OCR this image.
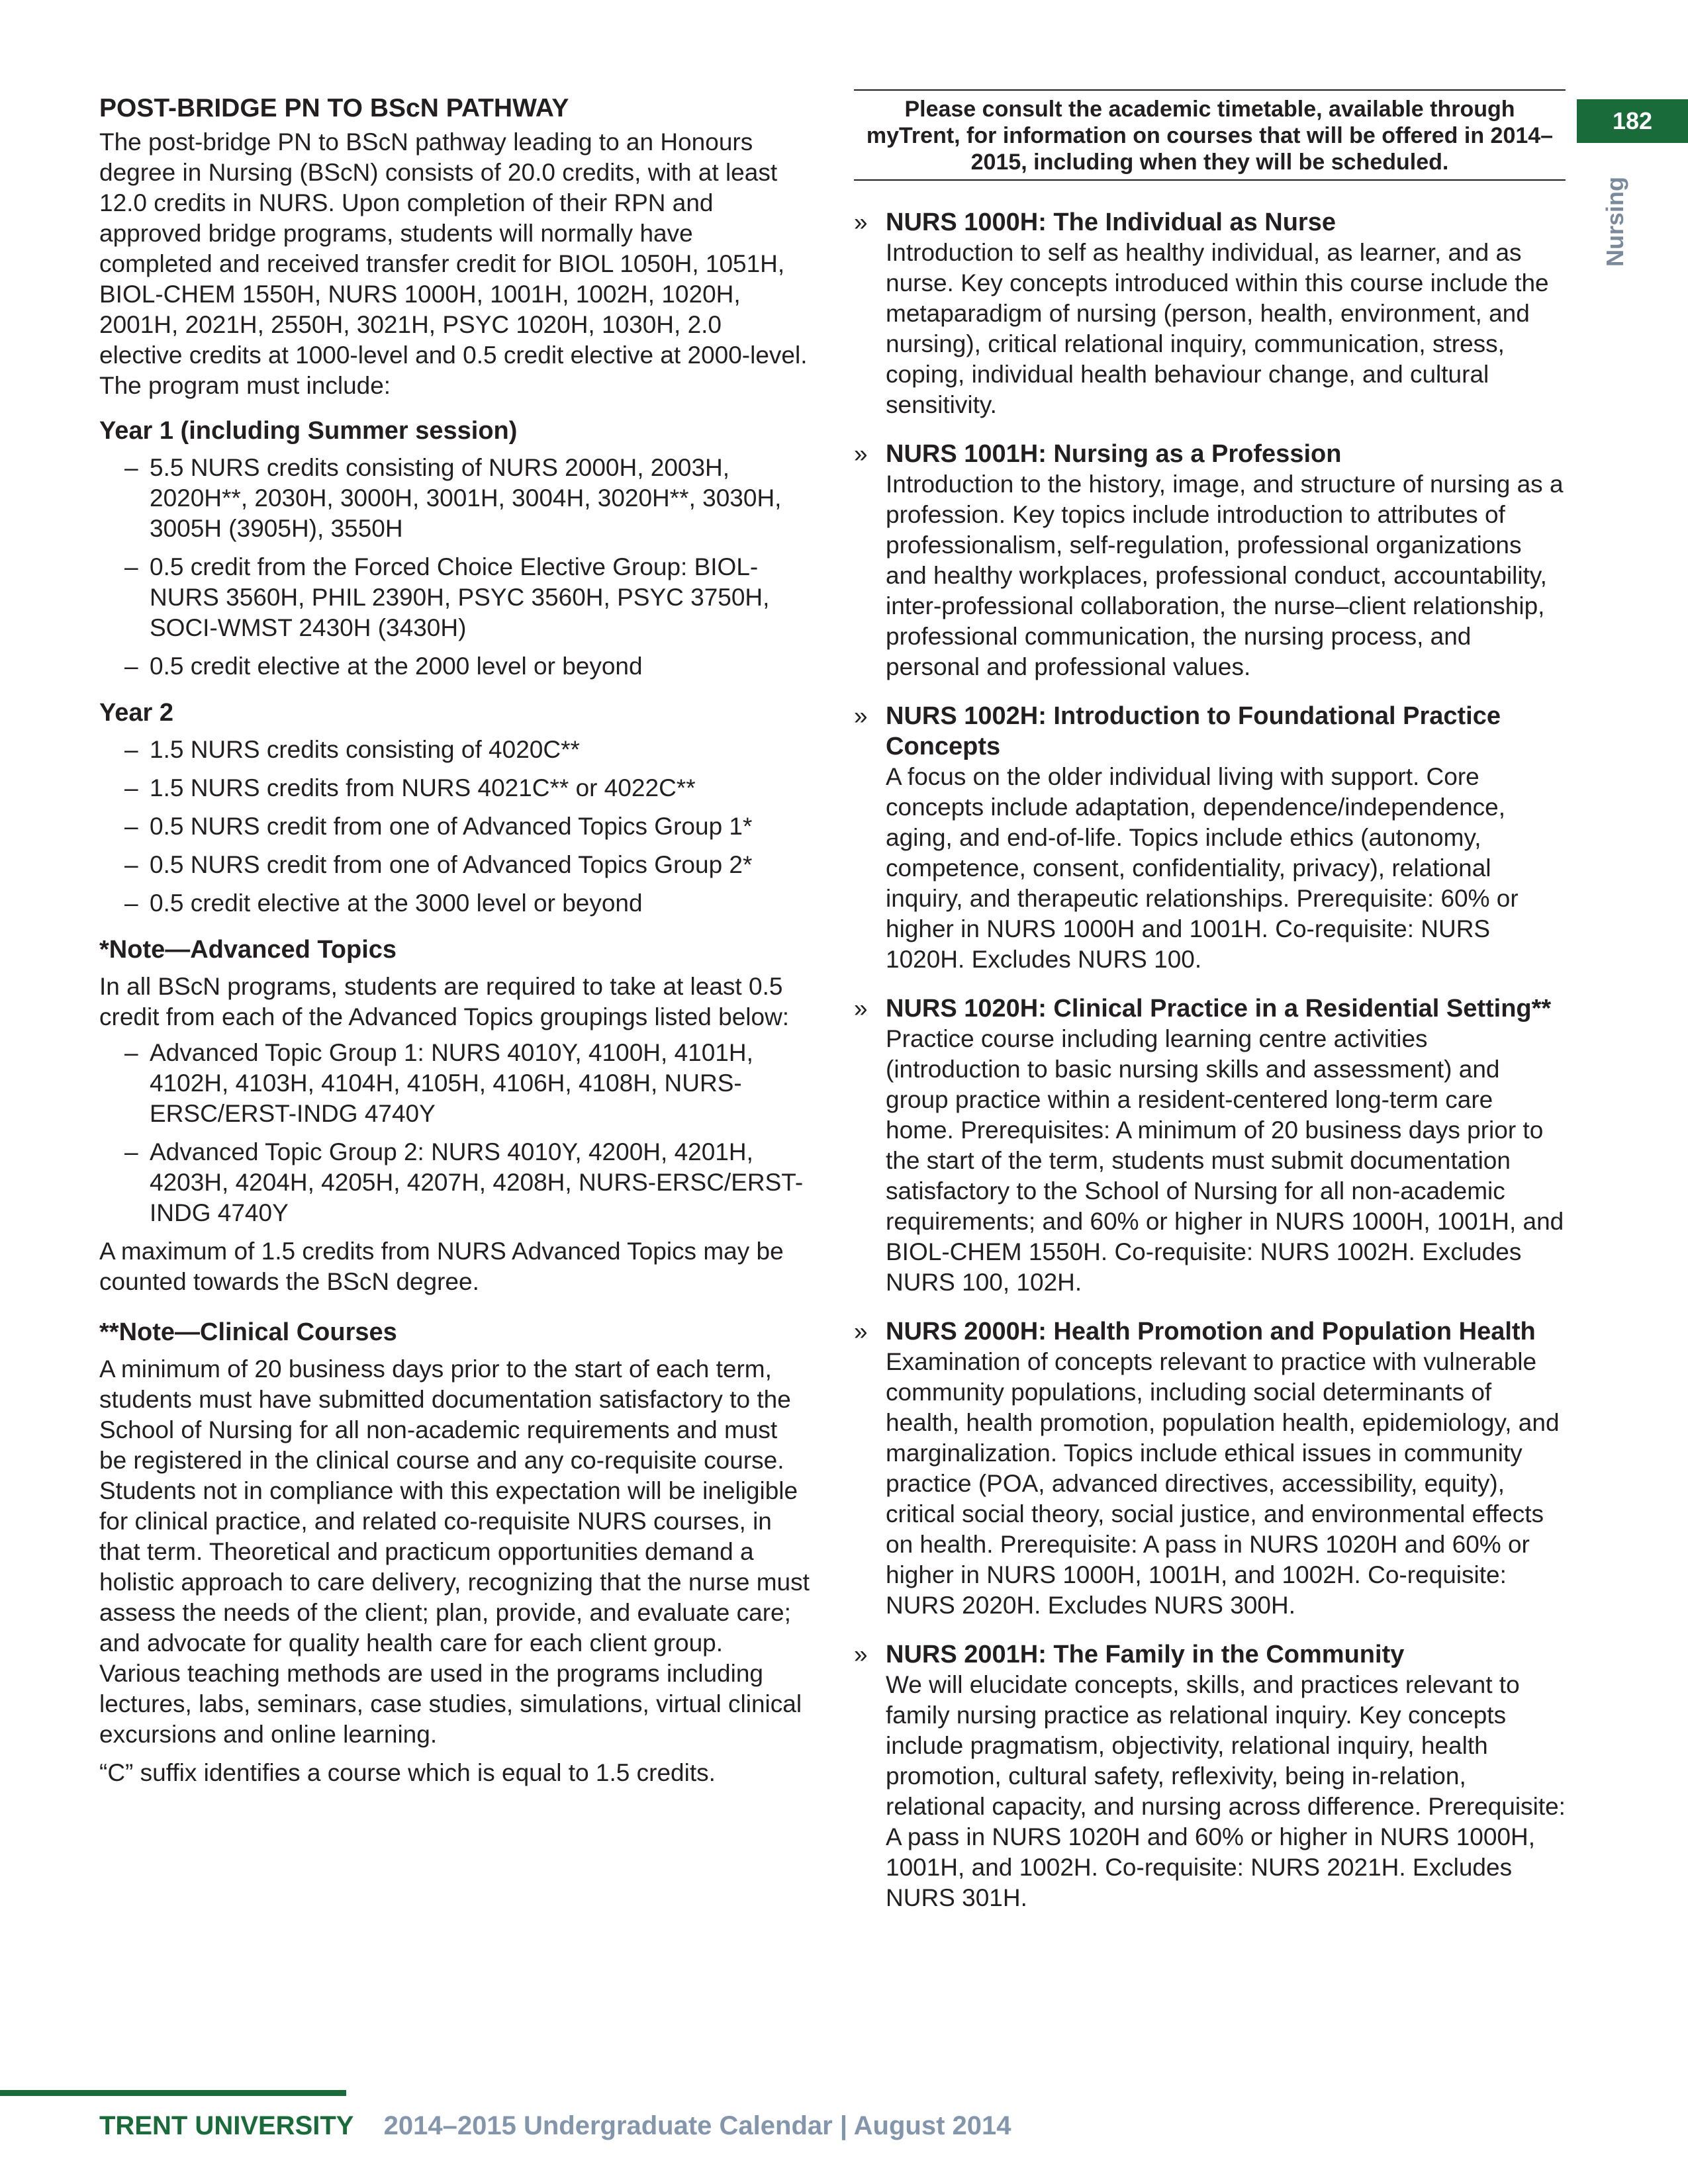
POST-BRIDGE PN TO BScN PATHWAY

The post-bridge PN to BScN pathway leading to an Honours degree in Nursing (BScN) consists of 20.0 credits, with at least 12.0 credits in NURS. Upon completion of their RPN and approved bridge programs, students will normally have completed and received transfer credit for BIOL 1050H, 1051H, BIOL-CHEM 1550H, NURS 1000H, 1001H, 1002H, 1020H, 2001H, 2021H, 2550H, 3021H, PSYC 1020H, 1030H, 2.0 elective credits at 1000-level and 0.5 credit elective at 2000-level. The program must include:

Year 1 (including Summer session)
– 5.5 NURS credits consisting of NURS 2000H, 2003H, 2020H**, 2030H, 3000H, 3001H, 3004H, 3020H**, 3030H, 3005H (3905H), 3550H
– 0.5 credit from the Forced Choice Elective Group: BIOL-NURS 3560H, PHIL 2390H, PSYC 3560H, PSYC 3750H, SOCI-WMST 2430H (3430H)
– 0.5 credit elective at the 2000 level or beyond
Year 2
– 1.5 NURS credits consisting of 4020C**
– 1.5 NURS credits from NURS 4021C** or 4022C**
– 0.5 NURS credit from one of Advanced Topics Group 1*
– 0.5 NURS credit from one of Advanced Topics Group 2*
– 0.5 credit elective at the 3000 level or beyond
*Note—Advanced Topics

In all BScN programs, students are required to take at least 0.5 credit from each of the Advanced Topics groupings listed below:

– Advanced Topic Group 1: NURS 4010Y, 4100H, 4101H, 4102H, 4103H, 4104H, 4105H, 4106H, 4108H, NURS-ERSC/ERST-INDG 4740Y
– Advanced Topic Group 2: NURS 4010Y, 4200H, 4201H, 4203H, 4204H, 4205H, 4207H, 4208H, NURS-ERSC/ERST-INDG 4740Y

A maximum of 1.5 credits from NURS Advanced Topics may be counted towards the BScN degree.

**Note—Clinical Courses

A minimum of 20 business days prior to the start of each term, students must have submitted documentation satisfactory to the School of Nursing for all non-academic requirements and must be registered in the clinical course and any co-requisite course. Students not in compliance with this expectation will be ineligible for clinical practice, and related co-requisite NURS courses, in that term. Theoretical and practicum opportunities demand a holistic approach to care delivery, recognizing that the nurse must assess the needs of the client; plan, provide, and evaluate care; and advocate for quality health care for each client group. Various teaching methods are used in the programs including lectures, labs, seminars, case studies, simulations, virtual clinical excursions and online learning.

“C” suffix identifies a course which is equal to 1.5 credits.

Please consult the academic timetable, available through myTrent, for information on courses that will be offered in 2014–2015, including when they will be scheduled.
» NURS 1000H: The Individual as Nurse
Introduction to self as healthy individual, as learner, and as nurse. Key concepts introduced within this course include the metaparadigm of nursing (person, health, environment, and nursing), critical relational inquiry, communication, stress, coping, individual health behaviour change, and cultural sensitivity.
» NURS 1001H: Nursing as a Profession
Introduction to the history, image, and structure of nursing as a profession. Key topics include introduction to attributes of professionalism, self-regulation, professional organizations and healthy workplaces, professional conduct, accountability, inter-professional collaboration, the nurse–client relationship, professional communication, the nursing process, and personal and professional values.
» NURS 1002H: Introduction to Foundational Practice Concepts
A focus on the older individual living with support. Core concepts include adaptation, dependence/independence, aging, and end-of-life. Topics include ethics (autonomy, competence, consent, confidentiality, privacy), relational inquiry, and therapeutic relationships. Prerequisite: 60% or higher in NURS 1000H and 1001H. Co-requisite: NURS 1020H. Excludes NURS 100.
» NURS 1020H: Clinical Practice in a Residential Setting**
Practice course including learning centre activities (introduction to basic nursing skills and assessment) and group practice within a resident-centered long-term care home. Prerequisites: A minimum of 20 business days prior to the start of the term, students must submit documentation satisfactory to the School of Nursing for all non-academic requirements; and 60% or higher in NURS 1000H, 1001H, and BIOL-CHEM 1550H. Co-requisite: NURS 1002H. Excludes NURS 100, 102H.
» NURS 2000H: Health Promotion and Population Health
Examination of concepts relevant to practice with vulnerable community populations, including social determinants of health, health promotion, population health, epidemiology, and marginalization. Topics include ethical issues in community practice (POA, advanced directives, accessibility, equity), critical social theory, social justice, and environmental effects on health. Prerequisite: A pass in NURS 1020H and 60% or higher in NURS 1000H, 1001H, and 1002H. Co-requisite: NURS 2020H. Excludes NURS 300H.
» NURS 2001H: The Family in the Community
We will elucidate concepts, skills, and practices relevant to family nursing practice as relational inquiry. Key concepts include pragmatism, objectivity, relational inquiry, health promotion, cultural safety, reflexivity, being in-relation, relational capacity, and nursing across difference. Prerequisite: A pass in NURS 1020H and 60% or higher in NURS 1000H, 1001H, and 1002H. Co-requisite: NURS 2021H. Excludes NURS 301H.
182
Nursing
TRENT UNIVERSITY 2014–2015 Undergraduate Calendar | August 2014
